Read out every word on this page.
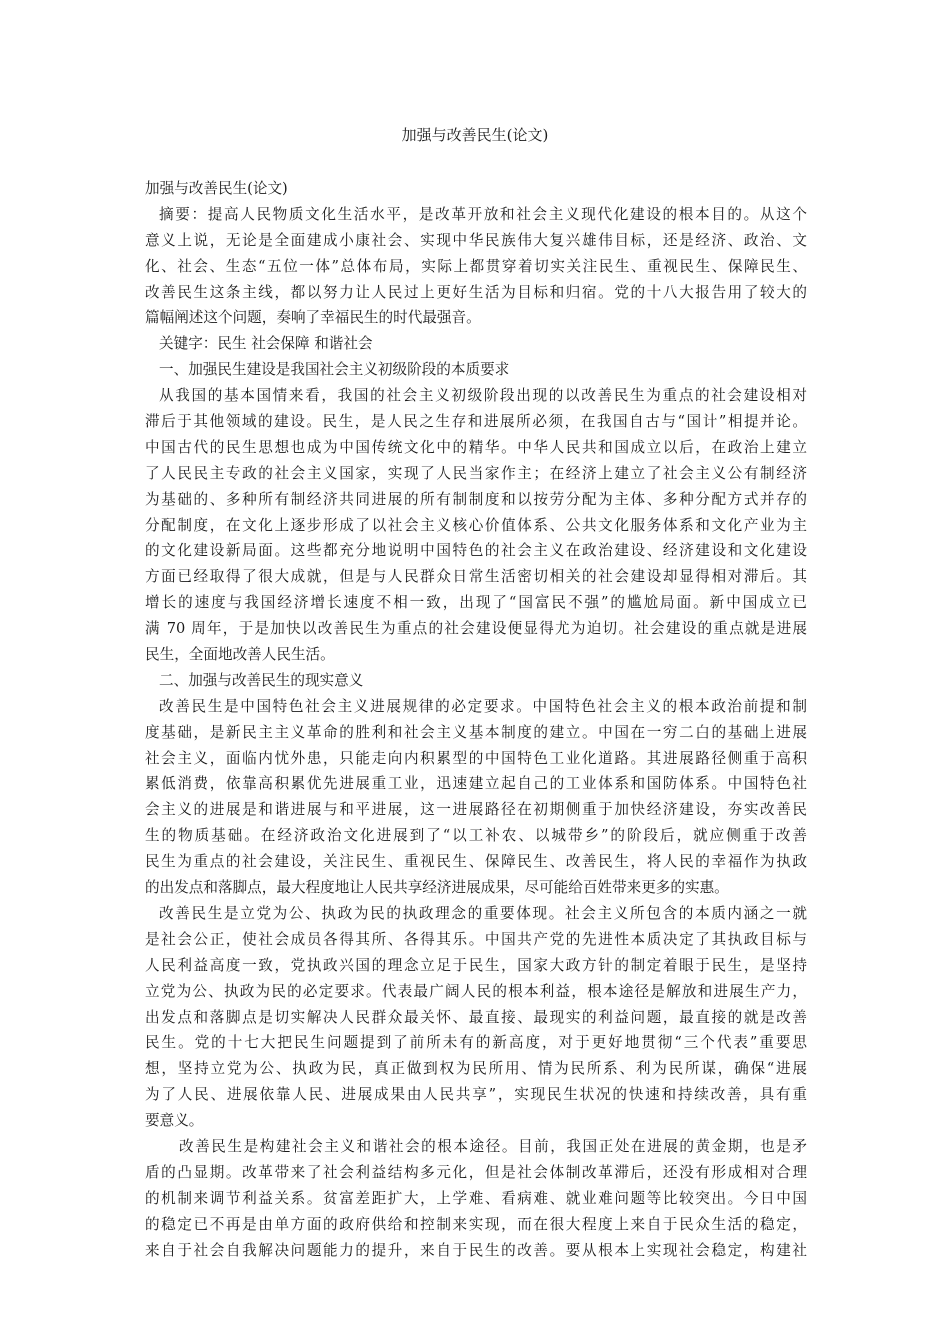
加强与改善民生(论文)
加强与改善民生(论文)
摘要：提高人民物质文化生活水平，是改革开放和社会主义现代化建设的根本目的。从这个
意义上说，无论是全面建成小康社会、实现中华民族伟大复兴雄伟目标，还是经济、政治、文
化、社会、生态“五位一体”总体布局，实际上都贯穿着切实关注民生、重视民生、保障民生、
改善民生这条主线，都以努力让人民过上更好生活为目标和归宿。党的十八大报告用了较大的
篇幅阐述这个问题，奏响了幸福民生的时代最强音。
关键字：民生 社会保障 和谐社会
一、加强民生建设是我国社会主义初级阶段的本质要求
从我国的基本国情来看，我国的社会主义初级阶段出现的以改善民生为重点的社会建设相对
滞后于其他领域的建设。民生，是人民之生存和进展所必须，在我国自古与“国计”相提并论。
中国古代的民生思想也成为中国传统文化中的精华。中华人民共和国成立以后，在政治上建立
了人民民主专政的社会主义国家，实现了人民当家作主；在经济上建立了社会主义公有制经济
为基础的、多种所有制经济共同进展的所有制制度和以按劳分配为主体、多种分配方式并存的
分配制度，在文化上逐步形成了以社会主义核心价值体系、公共文化服务体系和文化产业为主
的文化建设新局面。这些都充分地说明中国特色的社会主义在政治建设、经济建设和文化建设
方面已经取得了很大成就，但是与人民群众日常生活密切相关的社会建设却显得相对滞后。其
增长的速度与我国经济增长速度不相一致，出现了“国富民不强”的尴尬局面。新中国成立已
满 70 周年，于是加快以改善民生为重点的社会建设便显得尤为迫切。社会建设的重点就是进展
民生，全面地改善人民生活。
二、加强与改善民生的现实意义
改善民生是中国特色社会主义进展规律的必定要求。中国特色社会主义的根本政治前提和制
度基础，是新民主主义革命的胜利和社会主义基本制度的建立。中国在一穷二白的基础上进展
社会主义，面临内忧外患，只能走向内积累型的中国特色工业化道路。其进展路径侧重于高积
累低消费，依靠高积累优先进展重工业，迅速建立起自己的工业体系和国防体系。中国特色社
会主义的进展是和谐进展与和平进展，这一进展路径在初期侧重于加快经济建设，夯实改善民
生的物质基础。在经济政治文化进展到了“以工补农、以城带乡”的阶段后，就应侧重于改善
民生为重点的社会建设，关注民生、重视民生、保障民生、改善民生，将人民的幸福作为执政
的出发点和落脚点，最大程度地让人民共享经济进展成果，尽可能给百姓带来更多的实惠。
改善民生是立党为公、执政为民的执政理念的重要体现。社会主义所包含的本质内涵之一就
是社会公正，使社会成员各得其所、各得其乐。中国共产党的先进性本质决定了其执政目标与
人民利益高度一致，党执政兴国的理念立足于民生，国家大政方针的制定着眼于民生，是坚持
立党为公、执政为民的必定要求。代表最广阔人民的根本利益，根本途径是解放和进展生产力，
出发点和落脚点是切实解决人民群众最关怀、最直接、最现实的利益问题，最直接的就是改善
民生。党的十七大把民生问题提到了前所未有的新高度，对于更好地贯彻“三个代表”重要思
想，坚持立党为公、执政为民，真正做到权为民所用、情为民所系、利为民所谋，确保“进展
为了人民、进展依靠人民、进展成果由人民共享”，实现民生状况的快速和持续改善，具有重
要意义。
改善民生是构建社会主义和谐社会的根本途径。目前，我国正处在进展的黄金期，也是矛
盾的凸显期。改革带来了社会利益结构多元化，但是社会体制改革滞后，还没有形成相对合理
的机制来调节利益关系。贫富差距扩大，上学难、看病难、就业难问题等比较突出。今日中国
的稳定已不再是由单方面的政府供给和控制来实现，而在很大程度上来自于民众生活的稳定，
来自于社会自我解决问题能力的提升，来自于民生的改善。要从根本上实现社会稳定，构建社
